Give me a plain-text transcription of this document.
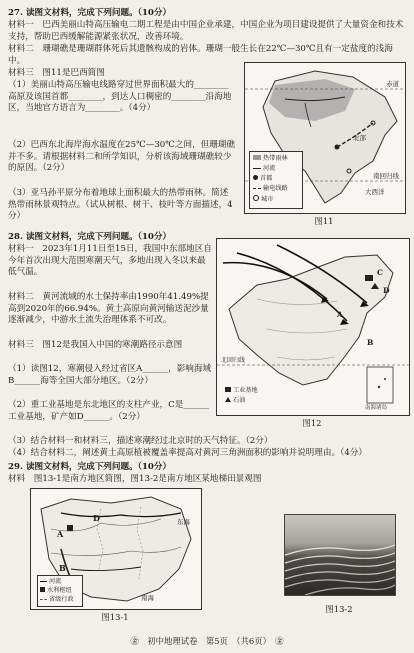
27. 读图文材料，完成下列问题。（10分）
材料一　巴西美丽山特高压输电二期工程是由中国企业承建，中国企业为项目建设提供了大量资金和技术支持，帮助巴西缓解能源紧张状况，改善环境。
材料二　珊瑚礁是珊瑚群体死后其遗骸构成的岩体。珊瑚一般生长在22℃—30℃且有一定盐度的浅海中。
材料三　图11是巴西简图
（1）美丽山特高压输电线路穿过世界面积最大的________高原及该国首都________，到达人口稠密的________沿海地区，当地官方语言为________。（4分）
（2）巴西东北海岸海水温度在25℃—30℃之间，但珊瑚礁并不多。请根据材料二和所学知识，分析该海域珊瑚礁较少的原因。（2分）
（3）亚马孙平原分布着地球上面积最大的热带雨林。简述热带雨林景观特点。（试从树根、树干、枝叶等方面描述，4分）
赤道
南回归线
北部
大西洋
热带雨林
河流
首都
输电线路
城市
图11
28. 读图文材料，完成下列问题。（10分）
材料一　2023年1月11日至15日，我国中东部地区自今年首次出现大范围寒潮天气，多地出现入冬以来最低气温。
材料二　黄河流域的水土保持率由1990年41.49%提高到2020年的66.94%。黄土高原向黄河输送泥沙量逐渐减少，中游水土流失治理体系不可改。
材料三　图12是我国入中国的寒潮路径示意图
（1）读图12，寒潮侵入经过省区A______，影响海域B______海等全国大部分地区。（2分）
（2）重工业基地是东北地区的支柱产业，C是______工业基地，矿产如D______。（2分）
（3）结合材料一和材料三，描述寒潮经过北京时的天气特征。（2分）
（4）结合材料二，阐述黄土高原植被覆盖率提高对黄河三角洲面积的影响并说明理由。（4分）
A
B
C
D
南海诸岛
北回归线
工业基地
石油
图12
29. 读图文材料，完成下列问题。（10分）
材料　图13-1是南方地区简图，图13-2是南方地区某地梯田景观图
A
B
D	东海
南海
河流
水利枢纽
省级行政
图13-1
图13-2
㊎　初中地理试卷　第5页　（共6页）　㊎
